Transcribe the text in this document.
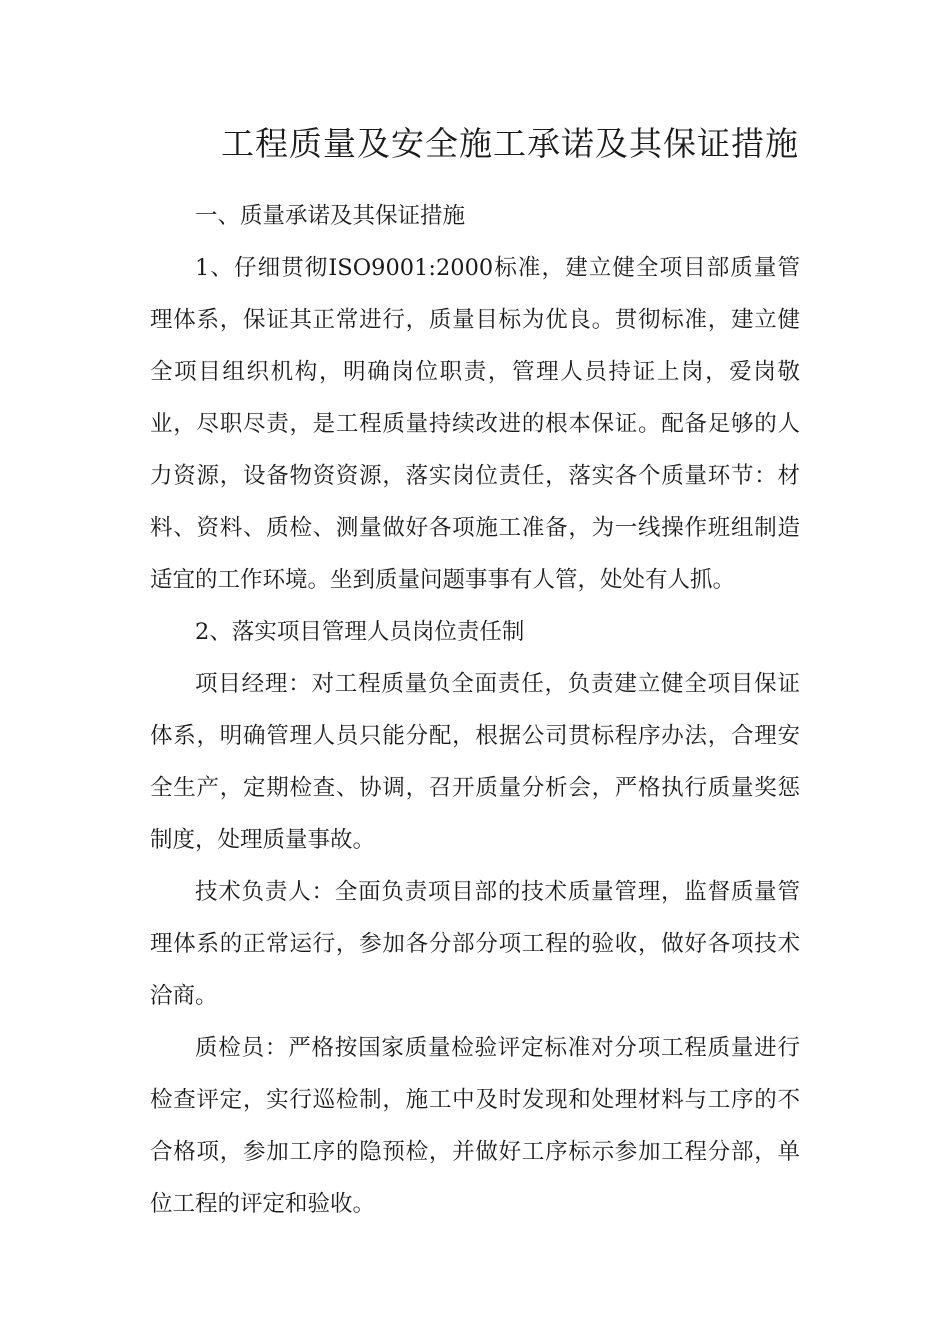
工程质量及安全施工承诺及其保证措施

一、质量承诺及其保证措施

1、仔细贯彻ISO9001:2000标准，建立健全项目部质量管理体系，保证其正常进行，质量目标为优良。贯彻标准，建立健全项目组织机构，明确岗位职责，管理人员持证上岗，爱岗敬业，尽职尽责，是工程质量持续改进的根本保证。配备足够的人力资源，设备物资资源，落实岗位责任，落实各个质量环节：材料、资料、质检、测量做好各项施工准备，为一线操作班组制造适宜的工作环境。坐到质量问题事事有人管，处处有人抓。

2、落实项目管理人员岗位责任制

项目经理：对工程质量负全面责任，负责建立健全项目保证体系，明确管理人员只能分配，根据公司贯标程序办法，合理安全生产，定期检查、协调，召开质量分析会，严格执行质量奖惩制度，处理质量事故。

技术负责人：全面负责项目部的技术质量管理，监督质量管理体系的正常运行，参加各分部分项工程的验收，做好各项技术洽商。

质检员：严格按国家质量检验评定标准对分项工程质量进行检查评定，实行巡检制，施工中及时发现和处理材料与工序的不合格项，参加工序的隐预检，并做好工序标示参加工程分部，单位工程的评定和验收。
